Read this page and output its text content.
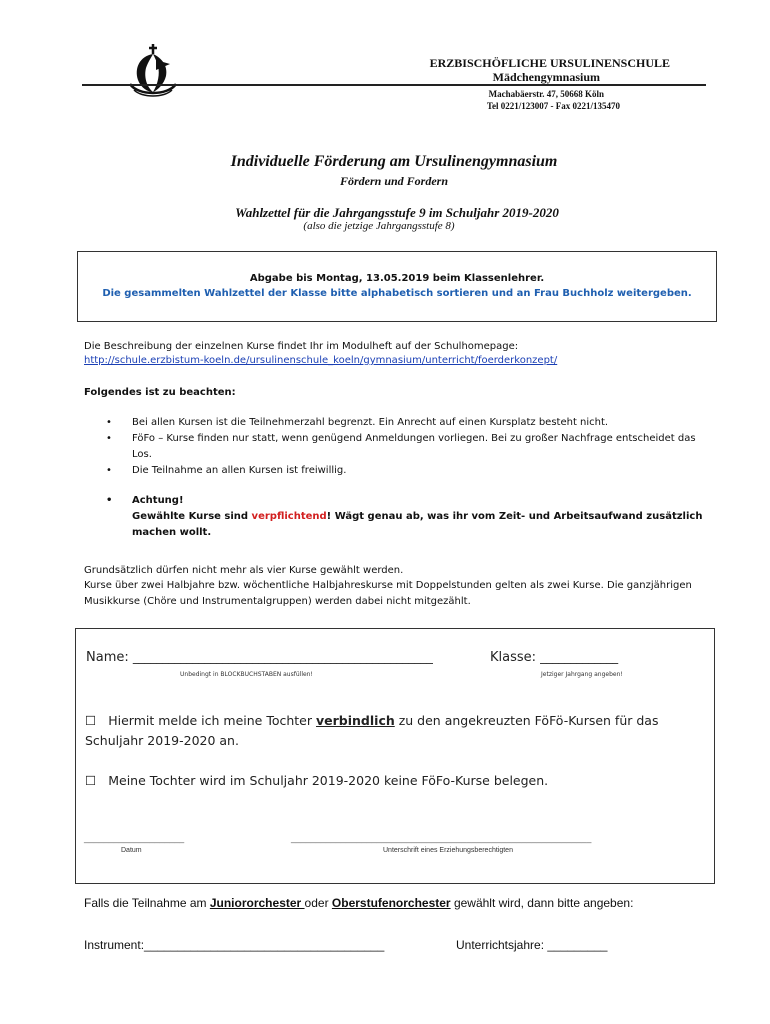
ERZBISCHÖFLICHE URSULINENSCHULE
Mädchengymnasium
Machabäerstr. 47, 50668 Köln
Tel 0221/123007 - Fax 0221/135470
Individuelle Förderung am Ursulinengymnasium
Fördern und Fordern
Wahlzettel für die Jahrgangsstufe 9 im Schuljahr 2019-2020
(also die jetzige Jahrgangsstufe 8)
Abgabe bis Montag, 13.05.2019 beim Klassenlehrer.
Die gesammelten Wahlzettel der Klasse bitte alphabetisch sortieren und an Frau Buchholz weitergeben.
Die Beschreibung der einzelnen Kurse findet Ihr im Modulheft auf der Schulhomepage:
http://schule.erzbistum-koeln.de/ursulinenschule_koeln/gymnasium/unterricht/foerderkonzept/
Folgendes ist zu beachten:
• Bei allen Kursen ist die Teilnehmerzahl begrenzt. Ein Anrecht auf einen Kursplatz besteht nicht.
• FöFo – Kurse finden nur statt, wenn genügend Anmeldungen vorliegen. Bei zu großer Nachfrage entscheidet das Los.
• Die Teilnahme an allen Kursen ist freiwillig.
• Achtung!
Gewählte Kurse sind verpflichtend! Wägt genau ab, was ihr vom Zeit- und Arbeitsaufwand zusätzlich machen wollt.
Grundsätzlich dürfen nicht mehr als vier Kurse gewählt werden.
Kurse über zwei Halbjahre bzw. wöchentliche Halbjahreskurse mit Doppelstunden gelten als zwei Kurse. Die ganzjährigen Musikkurse (Chöre und Instrumentalgruppen) werden dabei nicht mitgezählt.
Name: __________________________________________________	Klasse: _____________
Unbedingt in BLOCKBUCHSTABEN ausfüllen!	Jetziger Jahrgang angeben!
☐ Hiermit melde ich meine Tochter verbindlich zu den angekreuzten FöFö-Kursen für das Schuljahr 2019-2020 an.
☐ Meine Tochter wird im Schuljahr 2019-2020 keine FöFo-Kurse belegen.
____________________
Datum
____________________________________________________________
Unterschrift eines Erziehungsberechtigten
Falls die Teilnahme am Juniororchester oder Oberstufenorchester gewählt wird, dann bitte angeben:
Instrument:____________________________________	Unterrichtsjahre: _________
